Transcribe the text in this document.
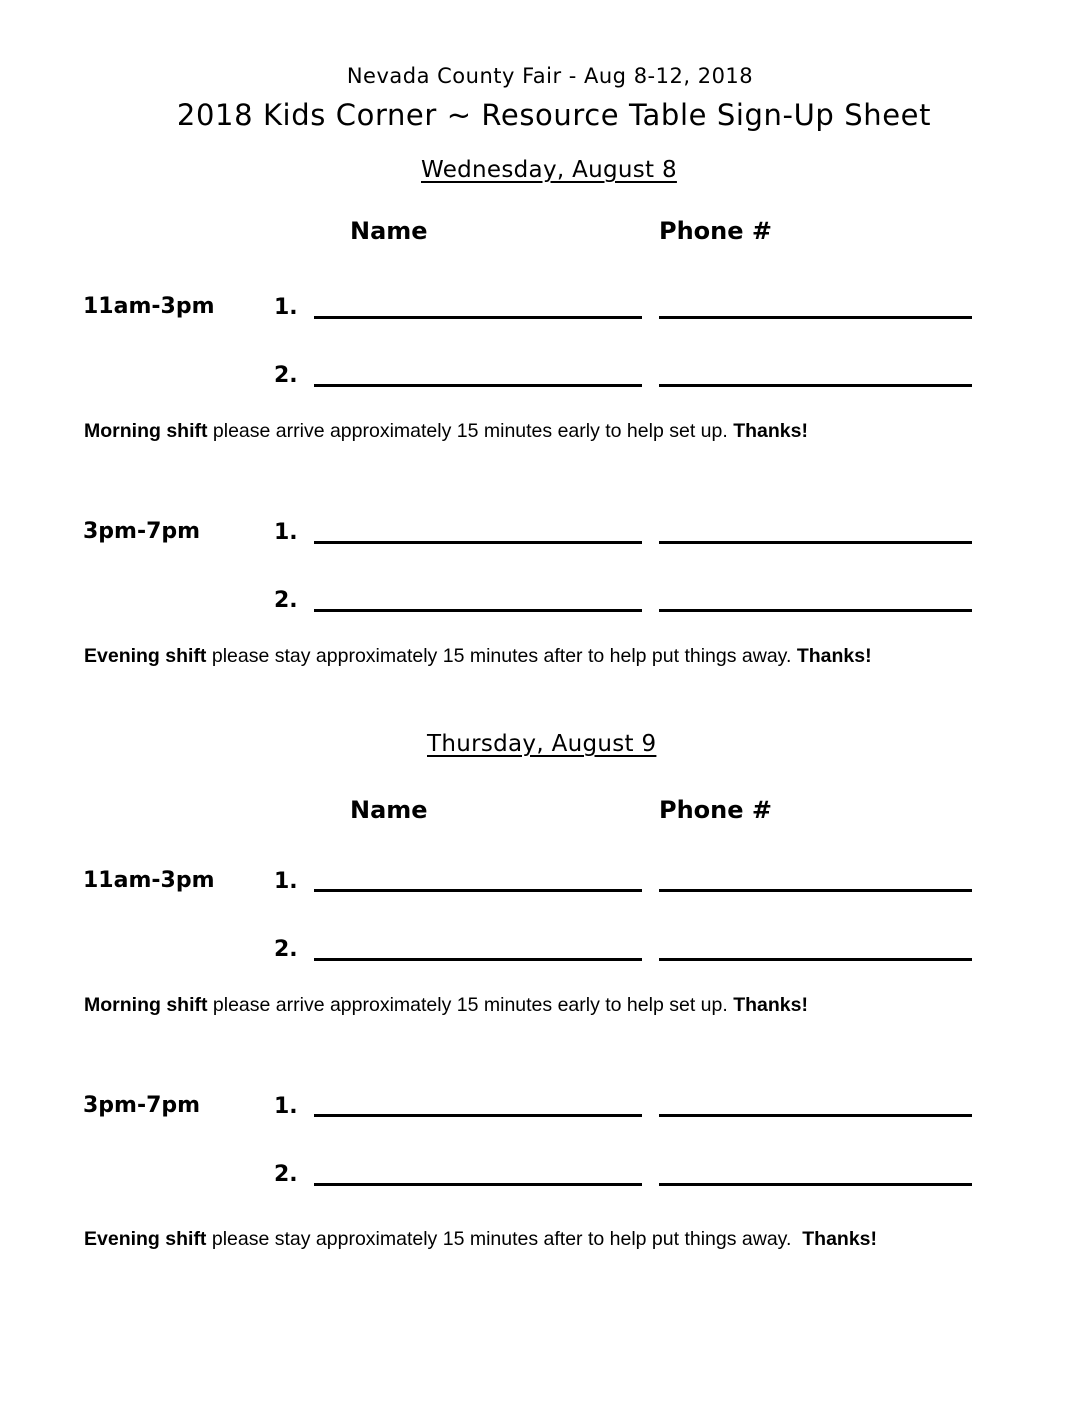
Nevada County Fair - Aug 8-12, 2018
2018 Kids Corner ~ Resource Table Sign-Up Sheet
Wednesday, August 8
Name	Phone #
11am-3pm	1.
2.
Morning shift please arrive approximately 15 minutes early to help set up. Thanks!
3pm-7pm	1.
2.
Evening shift please stay approximately 15 minutes after to help put things away. Thanks!
Thursday, August 9
Name	Phone #
11am-3pm	1.
2.
Morning shift please arrive approximately 15 minutes early to help set up. Thanks!
3pm-7pm	1.
2.
Evening shift please stay approximately 15 minutes after to help put things away.  Thanks!
